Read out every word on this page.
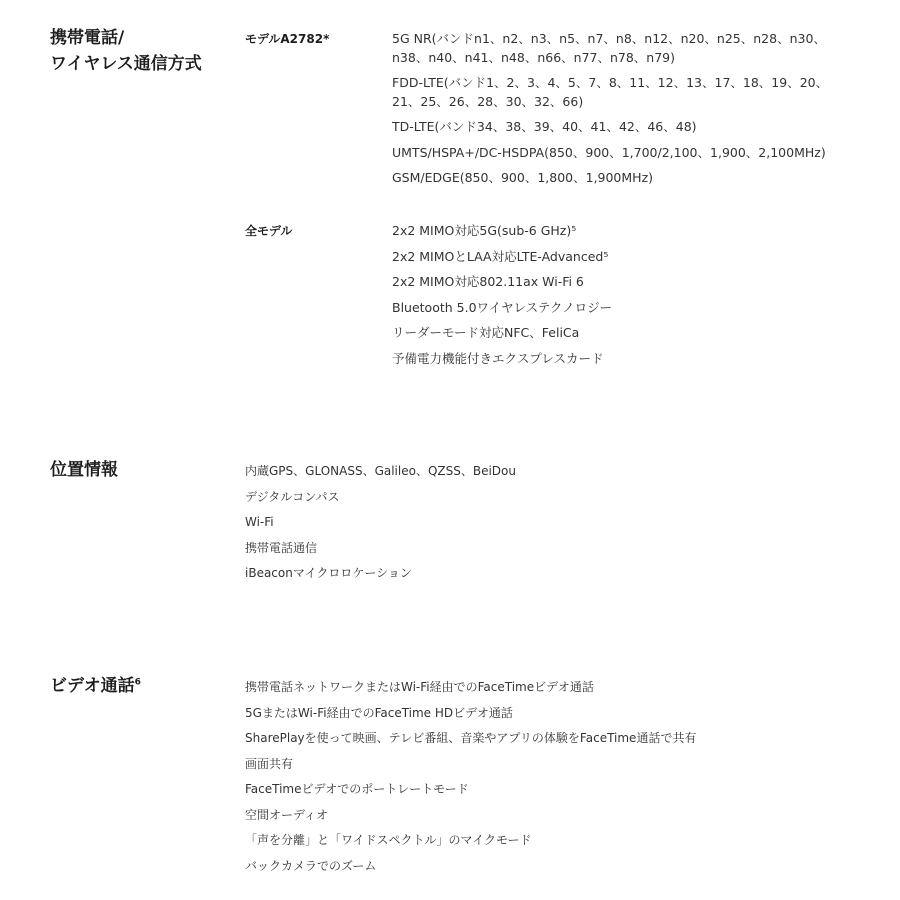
携帯電話/
ワイヤレス通信方式
モデルA2782*	5G NR(バンドn1、n2、n3、n5、n7、n8、n12、n20、n25、n28、n30、n38、n40、n41、n48、n66、n77、n78、n79)
FDD-LTE(バンド1、2、3、4、5、7、8、11、12、13、17、18、19、20、21、25、26、28、30、32、66)
TD-LTE(バンド34、38、39、40、41、42、46、48)
UMTS/HSPA+/DC-HSDPA(850、900、1,700/2,100、1,900、2,100MHz)
GSM/EDGE(850、900、1,800、1,900MHz)
全モデル	2x2 MIMO対応5G(sub-6 GHz)⁵
2x2 MIMOとLAA対応LTE-Advanced⁵
2x2 MIMO対応802.11ax Wi-Fi 6
Bluetooth 5.0ワイヤレステクノロジー
リーダーモード対応NFC、FeliCa
予備電力機能付きエクスプレスカード
位置情報	内蔵GPS、GLONASS、Galileo、QZSS、BeiDou
デジタルコンパス
Wi-Fi
携帯電話通信
iBeaconマイクロロケーション
ビデオ通話$^6$	携帯電話ネットワークまたはWi-Fi経由でのFaceTimeビデオ通話
5GまたはWi-Fi経由でのFaceTime HDビデオ通話
SharePlayを使って映画、テレビ番組、音楽やアプリの体験をFaceTime通話で共有
画面共有
FaceTimeビデオでのポートレートモード
空間オーディオ
「声を分離」と「ワイドスペクトル」のマイクモード
バックカメラでのズーム
